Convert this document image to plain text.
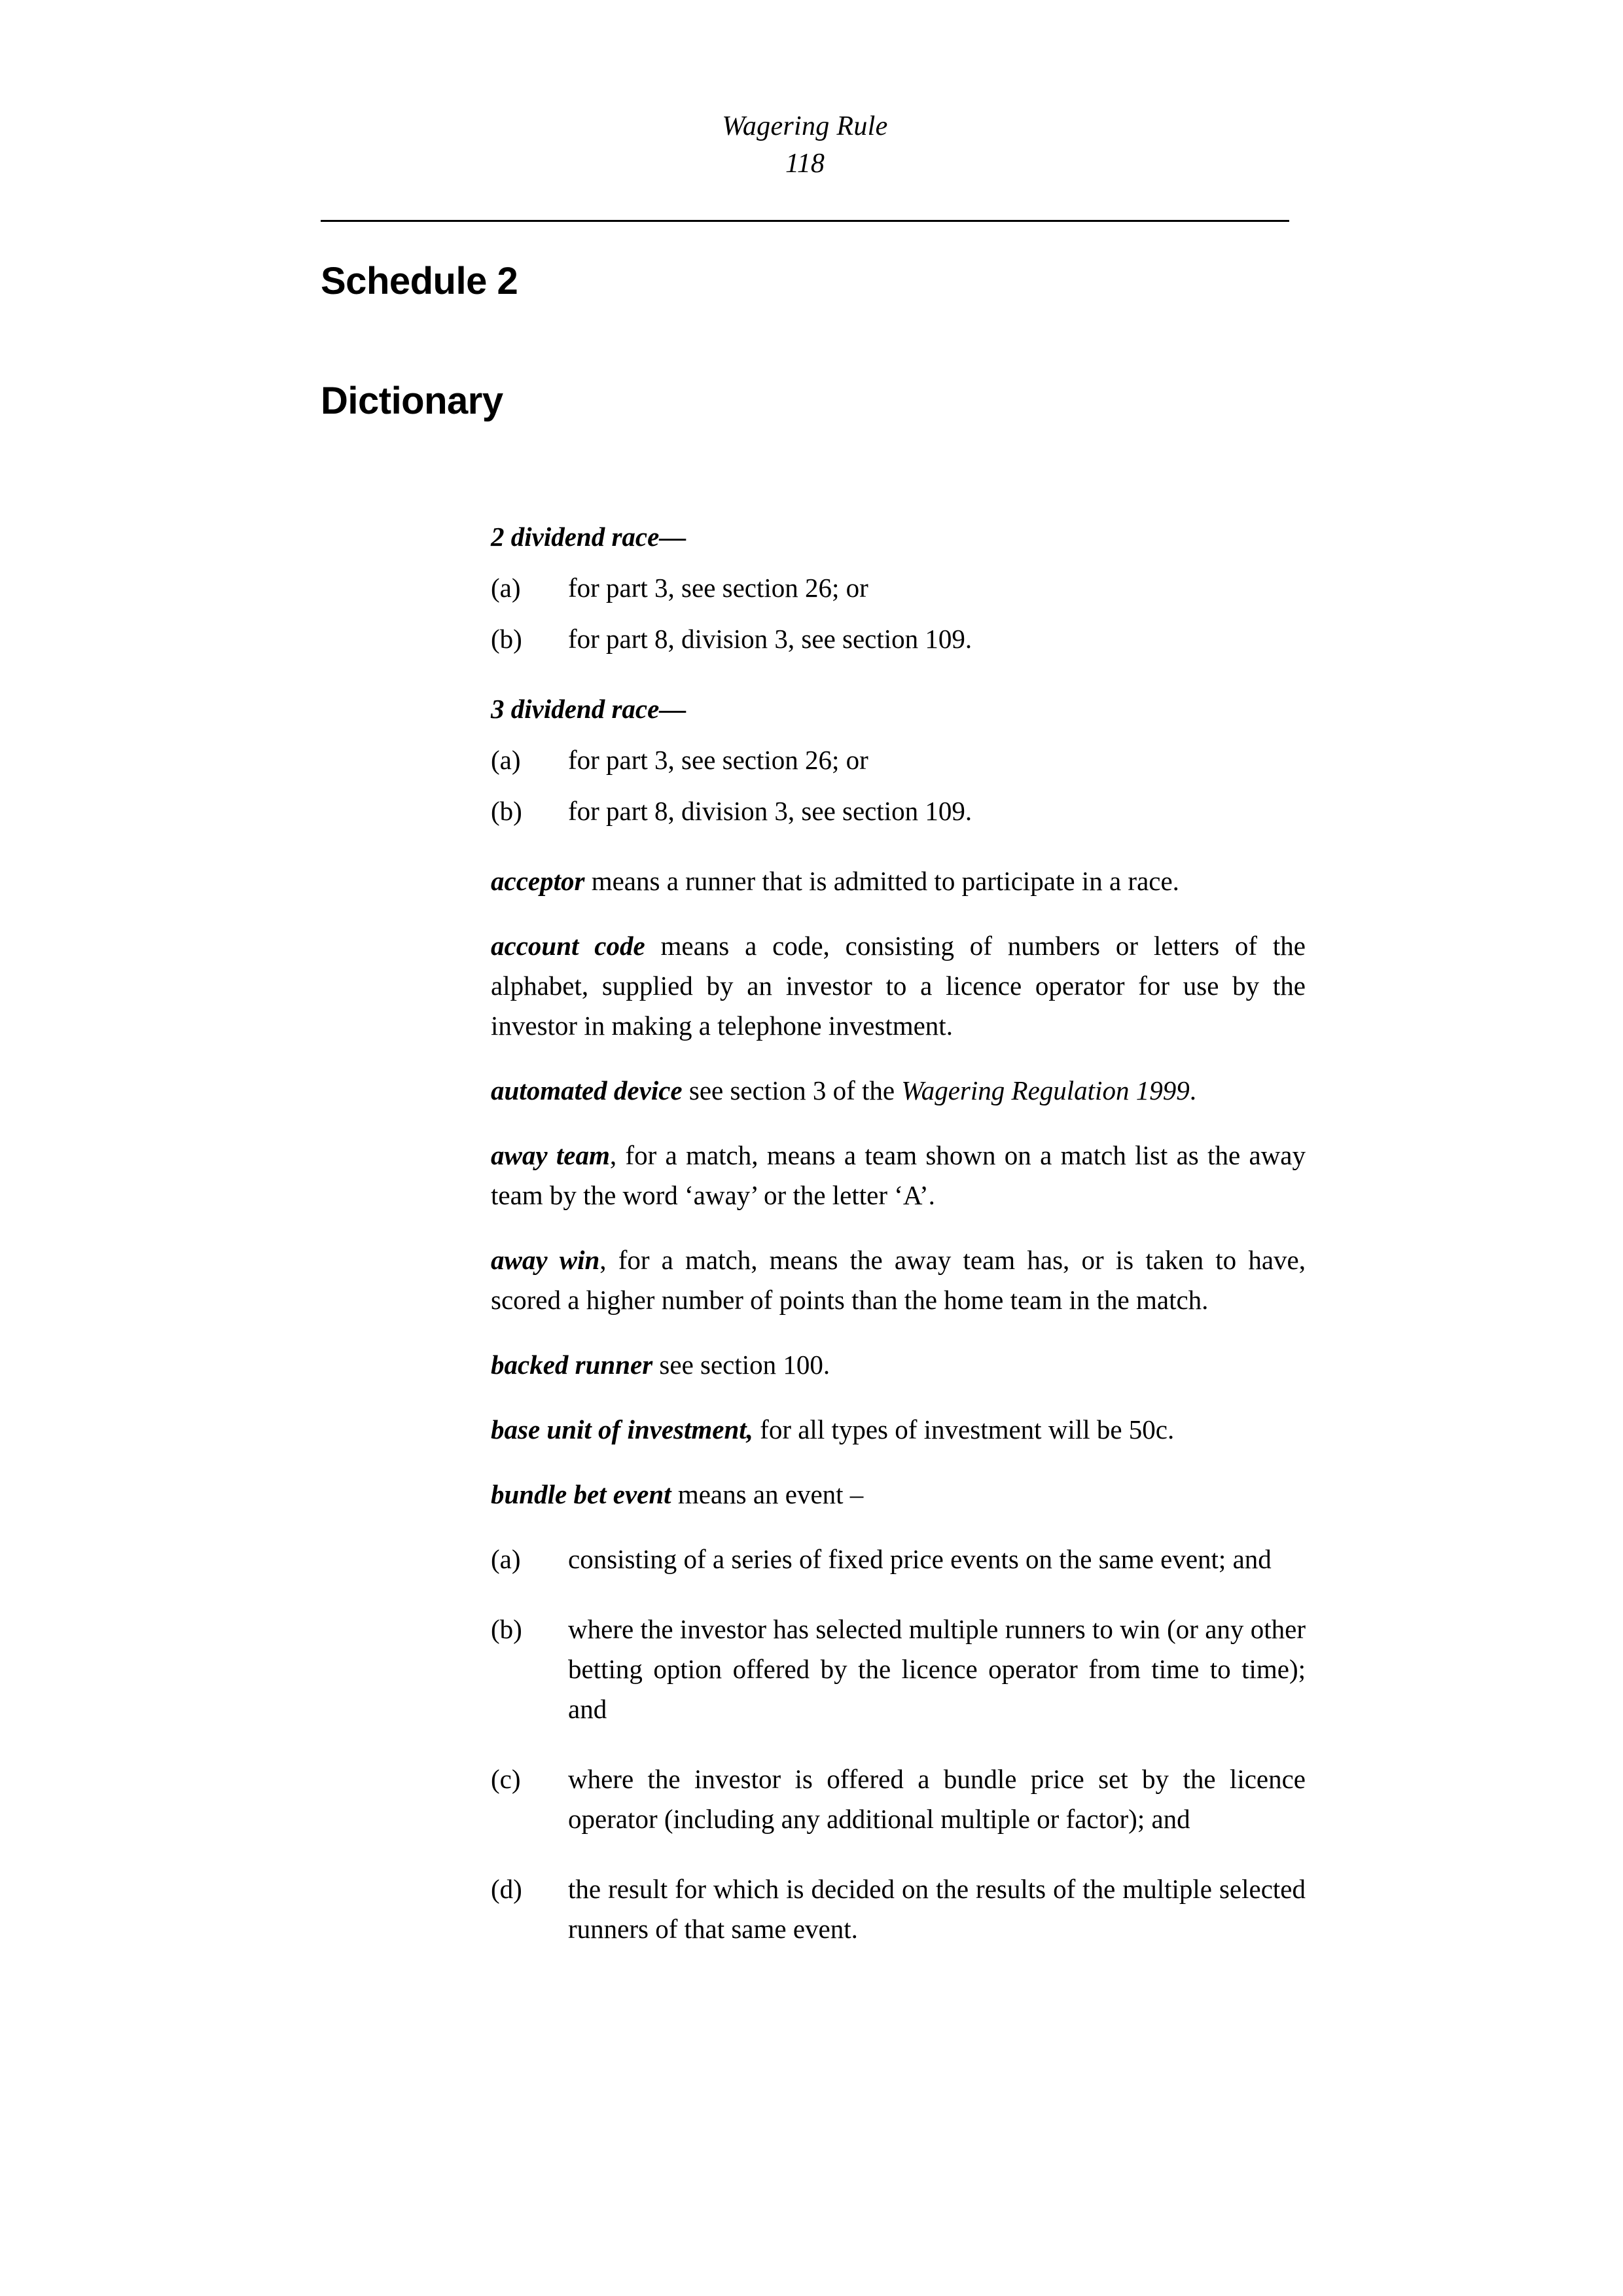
Wagering Rule
118
Schedule 2
Dictionary

2 dividend race—

(a)	for part 3, see section 26; or
(b)	for part 8, division 3, see section 109.

3 dividend race—

(a)	for part 3, see section 26; or
(b)	for part 8, division 3, see section 109.

acceptor means a runner that is admitted to participate in a race.

account code means a code, consisting of numbers or letters of the alphabet, supplied by an investor to a licence operator for use by the investor in making a telephone investment.

automated device see section 3 of the Wagering Regulation 1999.

away team, for a match, means a team shown on a match list as the away team by the word ‘away’ or the letter ‘A’.

away win, for a match, means the away team has, or is taken to have, scored a higher number of points than the home team in the match.

backed runner see section 100.

base unit of investment, for all types of investment will be 50c.

bundle bet event means an event –

(a)	consisting of a series of fixed price events on the same event; and
(b)	where the investor has selected multiple runners to win (or any other betting option offered by the licence operator from time to time); and
(c)	where the investor is offered a bundle price set by the licence operator (including any additional multiple or factor); and
(d)	the result for which is decided on the results of the multiple selected runners of that same event.
